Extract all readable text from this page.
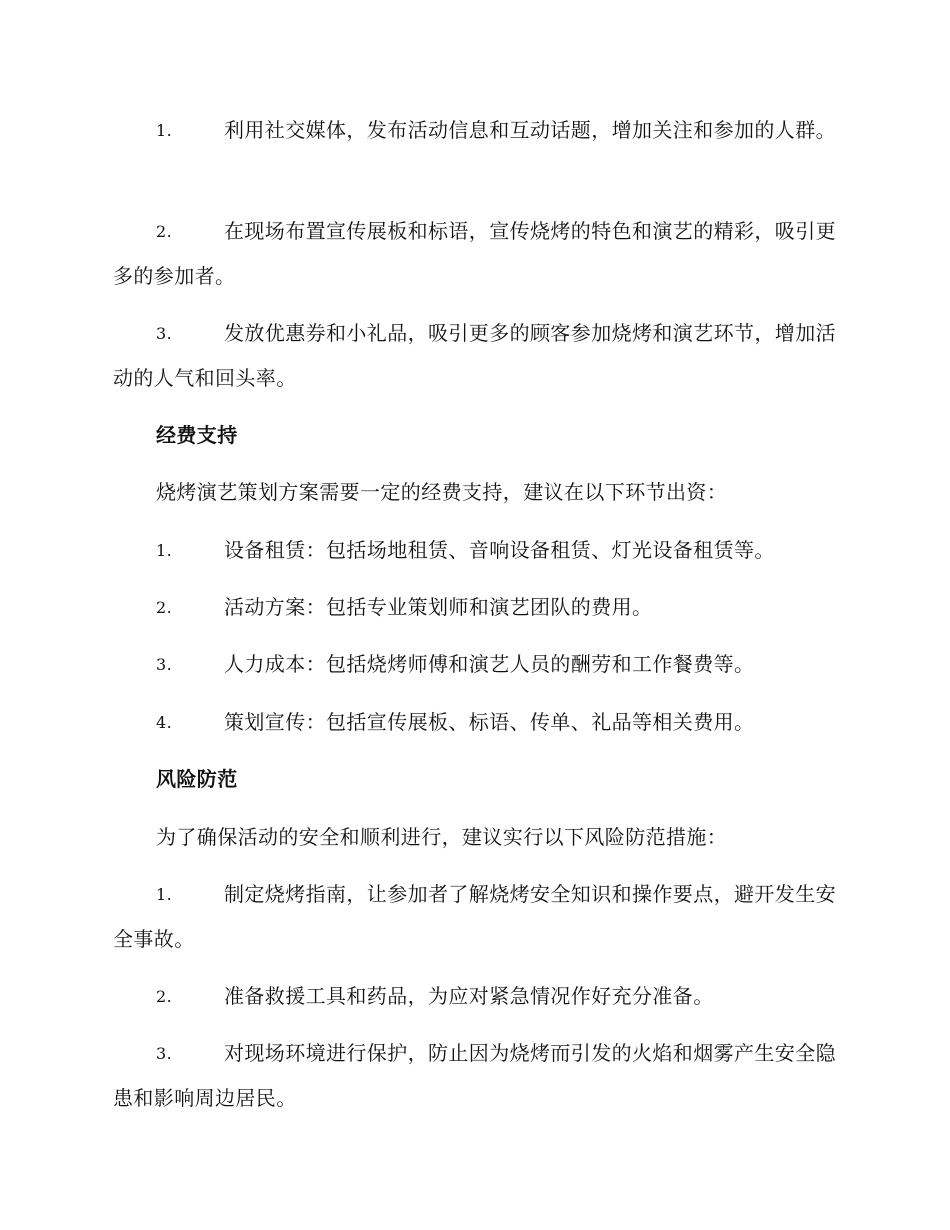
1.	利用社交媒体，发布活动信息和互动话题，增加关注和参加的人群。
2.	在现场布置宣传展板和标语，宣传烧烤的特色和演艺的精彩，吸引更多的参加者。
3.	发放优惠券和小礼品，吸引更多的顾客参加烧烤和演艺环节，增加活动的人气和回头率。
经费支持
烧烤演艺策划方案需要一定的经费支持，建议在以下环节出资：
1.	设备租赁：包括场地租赁、音响设备租赁、灯光设备租赁等。
2.	活动方案：包括专业策划师和演艺团队的费用。
3.	人力成本：包括烧烤师傅和演艺人员的酬劳和工作餐费等。
4.	策划宣传：包括宣传展板、标语、传单、礼品等相关费用。
风险防范
为了确保活动的安全和顺利进行，建议实行以下风险防范措施：
1.	制定烧烤指南，让参加者了解烧烤安全知识和操作要点，避开发生安全事故。
2.	准备救援工具和药品，为应对紧急情况作好充分准备。
3.	对现场环境进行保护，防止因为烧烤而引发的火焰和烟雾产生安全隐患和影响周边居民。
